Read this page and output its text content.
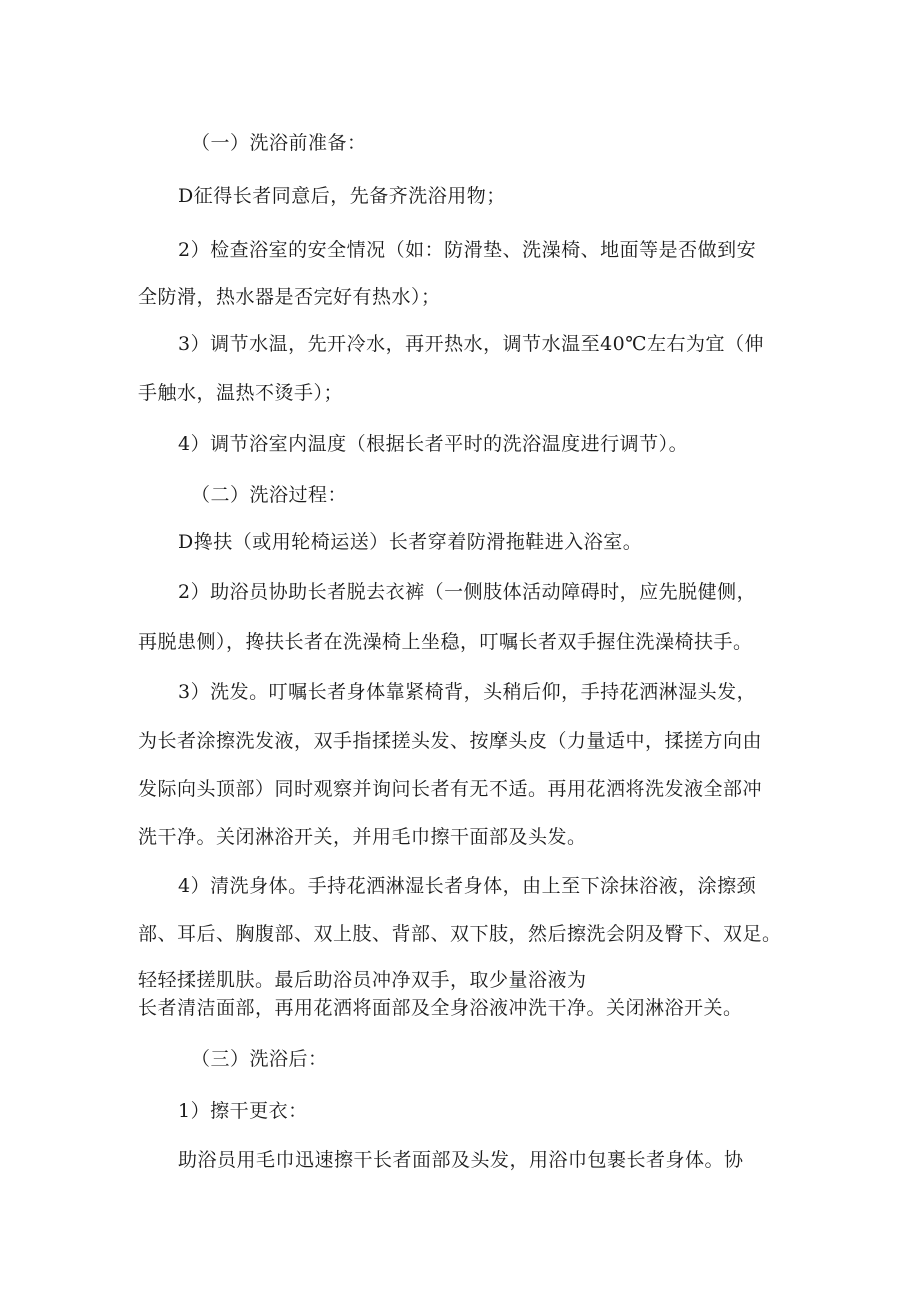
（一）洗浴前准备：
D征得长者同意后，先备齐洗浴用物；
2）检查浴室的安全情况（如：防滑垫、洗澡椅、地面等是否做到安
全防滑，热水器是否完好有热水）；
3）调节水温，先开冷水，再开热水，调节水温至40℃左右为宜（伸
手触水，温热不烫手）；
4）调节浴室内温度（根据长者平时的洗浴温度进行调节）。
（二）洗浴过程：
D搀扶（或用轮椅运送）长者穿着防滑拖鞋进入浴室。
2）助浴员协助长者脱去衣裤（一侧肢体活动障碍时，应先脱健侧，
再脱患侧），搀扶长者在洗澡椅上坐稳，叮嘱长者双手握住洗澡椅扶手。
3）洗发。叮嘱长者身体靠紧椅背，头稍后仰，手持花洒淋湿头发，
为长者涂擦洗发液，双手指揉搓头发、按摩头皮（力量适中，揉搓方向由
发际向头顶部）同时观察并询问长者有无不适。再用花洒将洗发液全部冲
洗干净。关闭淋浴开关，并用毛巾擦干面部及头发。
4）清洗身体。手持花洒淋湿长者身体，由上至下涂抹浴液，涂擦颈
部、耳后、胸腹部、双上肢、背部、双下肢，然后擦洗会阴及臀下、双足。
轻轻揉搓肌肤。最后助浴员冲净双手，取少量浴液为
长者清洁面部，再用花洒将面部及全身浴液冲洗干净。关闭淋浴开关。
（三）洗浴后：
1）擦干更衣：
助浴员用毛巾迅速擦干长者面部及头发，用浴巾包裹长者身体。协
